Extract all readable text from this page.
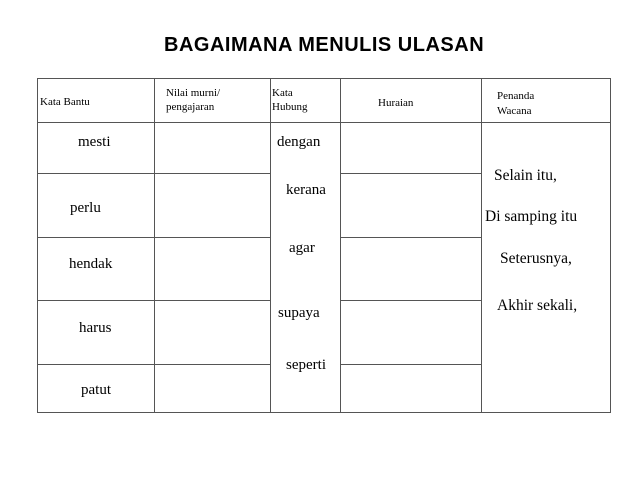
BAGAIMANA MENULIS ULASAN
Kata Bantu
Nilai murni/
pengajaran
Kata
Hubung	Huraian
Penanda
Wacana
mesti
perlu
hendak
harus
patut
dengan
kerana
agar
supaya
seperti
Selain itu,
Di samping itu
Seterusnya,
Akhir sekali,
